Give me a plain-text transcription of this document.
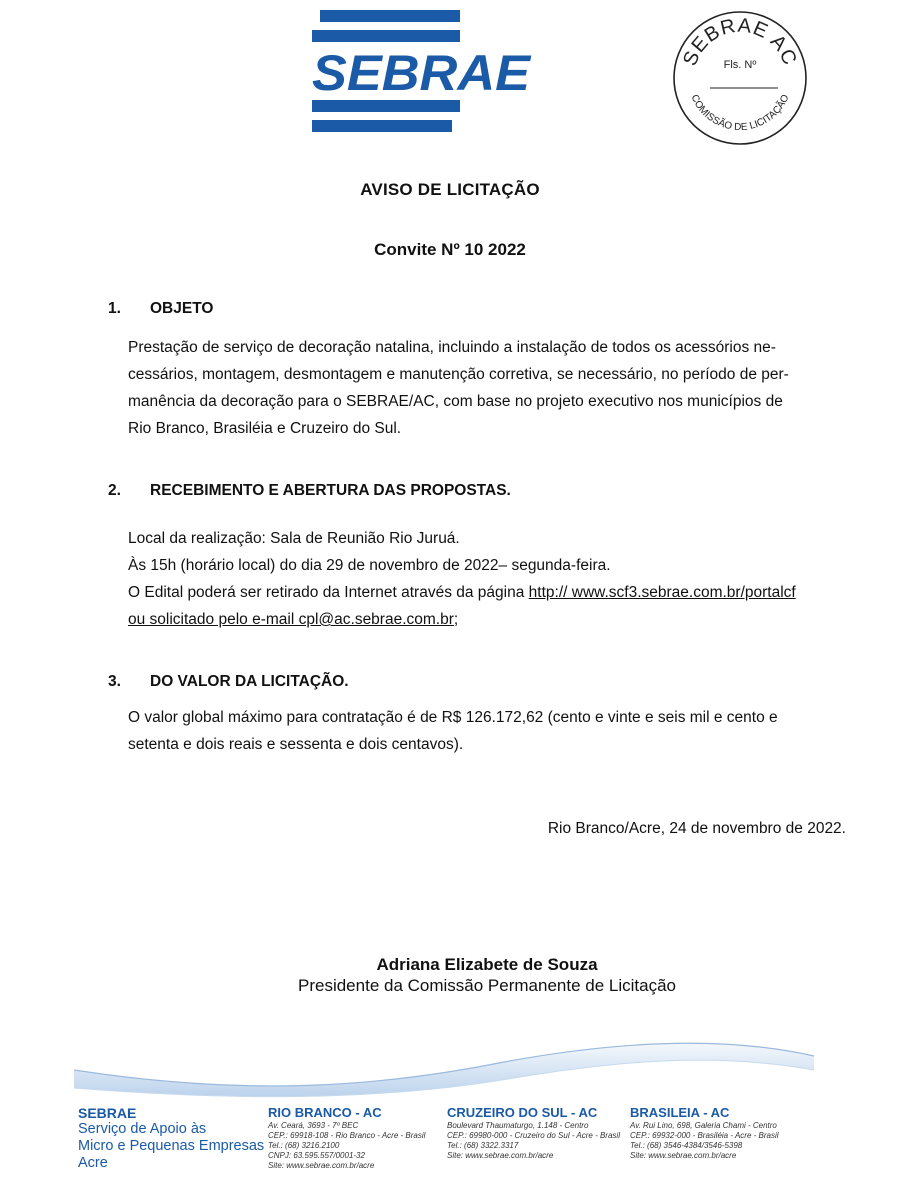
SEBRAE	SEBRAE AC
Fls. Nº
COMISSÃO DE LICITAÇÃO
AVISO DE LICITAÇÃO
Convite Nº 10 2022
1. OBJETO
Prestação de serviço de decoração natalina, incluindo a instalação de todos os acessórios ne-
cessários, montagem, desmontagem e manutenção corretiva, se necessário, no período de per-
manência da decoração para o SEBRAE/AC, com base no projeto executivo nos municípios de
Rio Branco, Brasiléia e Cruzeiro do Sul.
2. RECEBIMENTO E ABERTURA DAS PROPOSTAS.
Local da realização: Sala de Reunião Rio Juruá.
Às 15h (horário local) do dia 29 de novembro de 2022– segunda-feira.
O Edital poderá ser retirado da Internet através da página http:// www.scf3.sebrae.com.br/portalcf
ou solicitado pelo e-mail cpl@ac.sebrae.com.br;
3. DO VALOR DA LICITAÇÃO.
O valor global máximo para contratação é de R$ 126.172,62 (cento e vinte e seis mil e cento e
setenta e dois reais e sessenta e dois centavos).
Rio Branco/Acre, 24 de novembro de 2022.
Adriana Elizabete de Souza
Presidente da Comissão Permanente de Licitação
SEBRAE
Serviço de Apoio às
Micro e Pequenas Empresas
Acre
RIO BRANCO - AC
Av. Ceará, 3693 - 7º BEC
CEP.: 69918-108 - Rio Branco - Acre - Brasil
Tel.: (68) 3216.2100
CNPJ: 63.595.557/0001-32
Site: www.sebrae.com.br/acre
CRUZEIRO DO SUL - AC
Boulevard Thaumaturgo, 1.148 - Centro
CEP.: 69980-000 - Cruzeiro do Sul - Acre - Brasil
Tel.: (68) 3322.3317
Site: www.sebrae.com.br/acre
BRASILEIA - AC
Av. Rui Lino, 698, Galeria Chami - Centro
CEP.: 69932-000 - Brasiléia - Acre - Brasil
Tel.: (68) 3546-4384/3546-5398
Site: www.sebrae.com.br/acre
